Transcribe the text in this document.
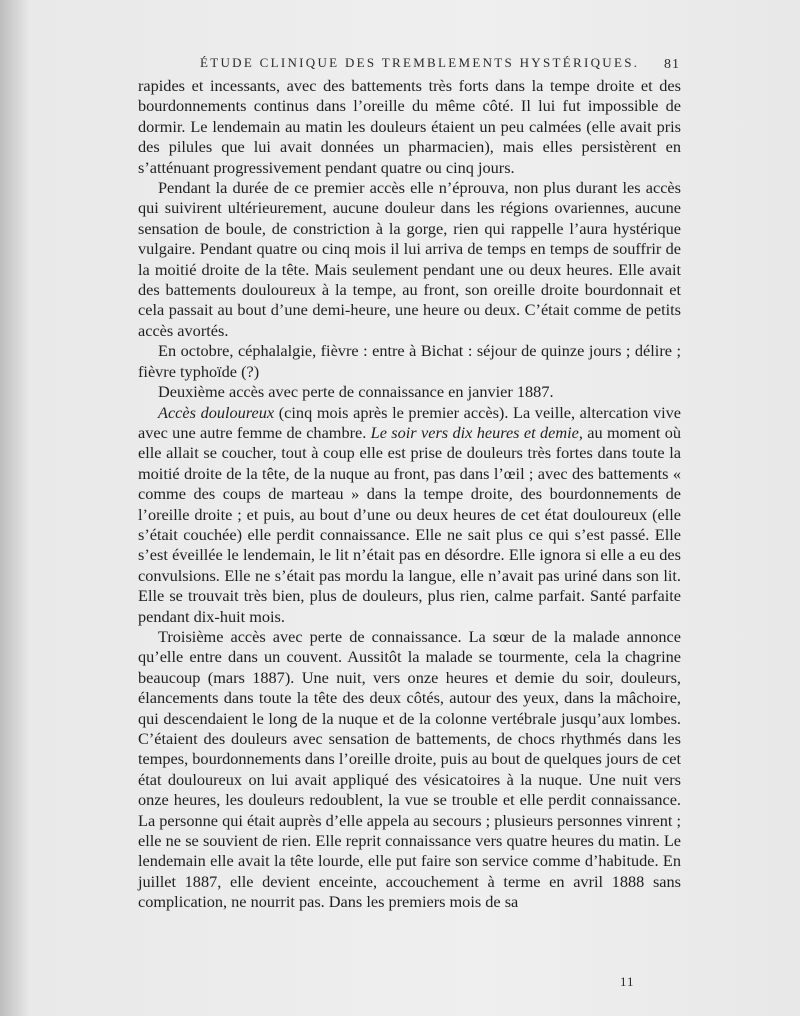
ÉTUDE CLINIQUE DES TREMBLEMENTS HYSTÉRIQUES. 81

rapides et incessants, avec des battements très forts dans la tempe droite et des bourdonnements continus dans l’oreille du même côté. Il lui fut impossible de dormir. Le lendemain au matin les douleurs étaient un peu calmées (elle avait pris des pilules que lui avait données un pharmacien), mais elles persistèrent en s’atténuant progressivement pendant quatre ou cinq jours.

Pendant la durée de ce premier accès elle n’éprouva, non plus durant les accès qui suivirent ultérieurement, aucune douleur dans les régions ovariennes, aucune sensation de boule, de constriction à la gorge, rien qui rappelle l’aura hystérique vulgaire. Pendant quatre ou cinq mois il lui arriva de temps en temps de souffrir de la moitié droite de la tête. Mais seulement pendant une ou deux heures. Elle avait des battements douloureux à la tempe, au front, son oreille droite bourdonnait et cela passait au bout d’une demi-heure, une heure ou deux. C’était comme de petits accès avortés.

En octobre, céphalalgie, fièvre : entre à Bichat : séjour de quinze jours ; délire ; fièvre typhoïde (?)

Deuxième accès avec perte de connaissance en janvier 1887.

Accès douloureux (cinq mois après le premier accès). La veille, altercation vive avec une autre femme de chambre. Le soir vers dix heures et demie, au moment où elle allait se coucher, tout à coup elle est prise de douleurs très fortes dans toute la moitié droite de la tête, de la nuque au front, pas dans l’œil ; avec des battements « comme des coups de marteau » dans la tempe droite, des bourdonnements de l’oreille droite ; et puis, au bout d’une ou deux heures de cet état douloureux (elle s’était couchée) elle perdit connaissance. Elle ne sait plus ce qui s’est passé. Elle s’est éveillée le lendemain, le lit n’était pas en désordre. Elle ignora si elle a eu des convulsions. Elle ne s’était pas mordu la langue, elle n’avait pas uriné dans son lit. Elle se trouvait très bien, plus de douleurs, plus rien, calme parfait. Santé parfaite pendant dix-huit mois.

Troisième accès avec perte de connaissance. La sœur de la malade annonce qu’elle entre dans un couvent. Aussitôt la malade se tourmente, cela la chagrine beaucoup (mars 1887). Une nuit, vers onze heures et demie du soir, douleurs, élancements dans toute la tête des deux côtés, autour des yeux, dans la mâchoire, qui descendaient le long de la nuque et de la colonne vertébrale jusqu’aux lombes. C’étaient des douleurs avec sensation de battements, de chocs rhythmés dans les tempes, bourdonnements dans l’oreille droite, puis au bout de quelques jours de cet état douloureux on lui avait appliqué des vésicatoires à la nuque. Une nuit vers onze heures, les douleurs redoublent, la vue se trouble et elle perdit connaissance. La personne qui était auprès d’elle appela au secours ; plusieurs personnes vinrent ; elle ne se souvient de rien. Elle reprit connaissance vers quatre heures du matin. Le lendemain elle avait la tête lourde, elle put faire son service comme d’habitude. En juillet 1887, elle devient enceinte, accouchement à terme en avril 1888 sans complication, ne nourrit pas. Dans les premiers mois de sa

11
